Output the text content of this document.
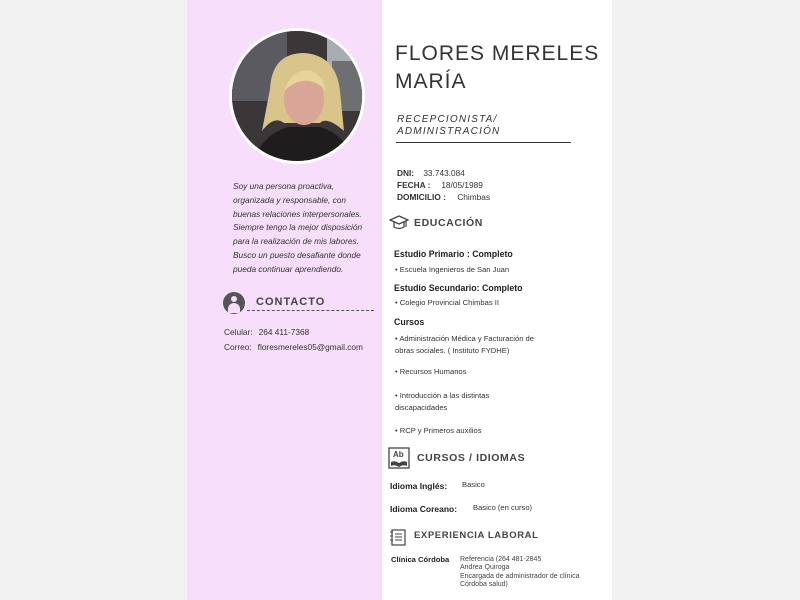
Soy una persona proactiva, organizada y responsable, con buenas relaciones interpersonales. Siempre tengo la mejor disposición para la realización de mis labores. Busco un puesto desafiante donde pueda continuar aprendiendo.
CONTACTO
Celular: 264 411-7368
Correo: floresmereles05@gmail.com
FLORES MERELES
MARÍA
RECEPCIONISTA/
ADMINISTRACIÓN
DNI: 33.743.084
FECHA : 18/05/1989
DOMICILIO : Chimbas
EDUCACIÓN
Estudio Primario : Completo
• Escuela Ingenieros de San Juan
Estudio Secundario: Completo
• Colegio Provincial Chimbas II
Cursos
• Administración Médica y Facturación de obras sociales. ( Instituto FYDHE)
• Recursos Humanos
• Introducción a las distintas discapacidades
• RCP y Primeros auxilios
Ab CURSOS / IDIOMAS
Idioma Inglés: Basico
Idioma Coreano: Basico (en curso)
EXPERIENCIA LABORAL
Clínica Córdoba Referencia (264 481-2845
Andrea Quiroga
Encargada de administrador de clínica Córdoba salud)
